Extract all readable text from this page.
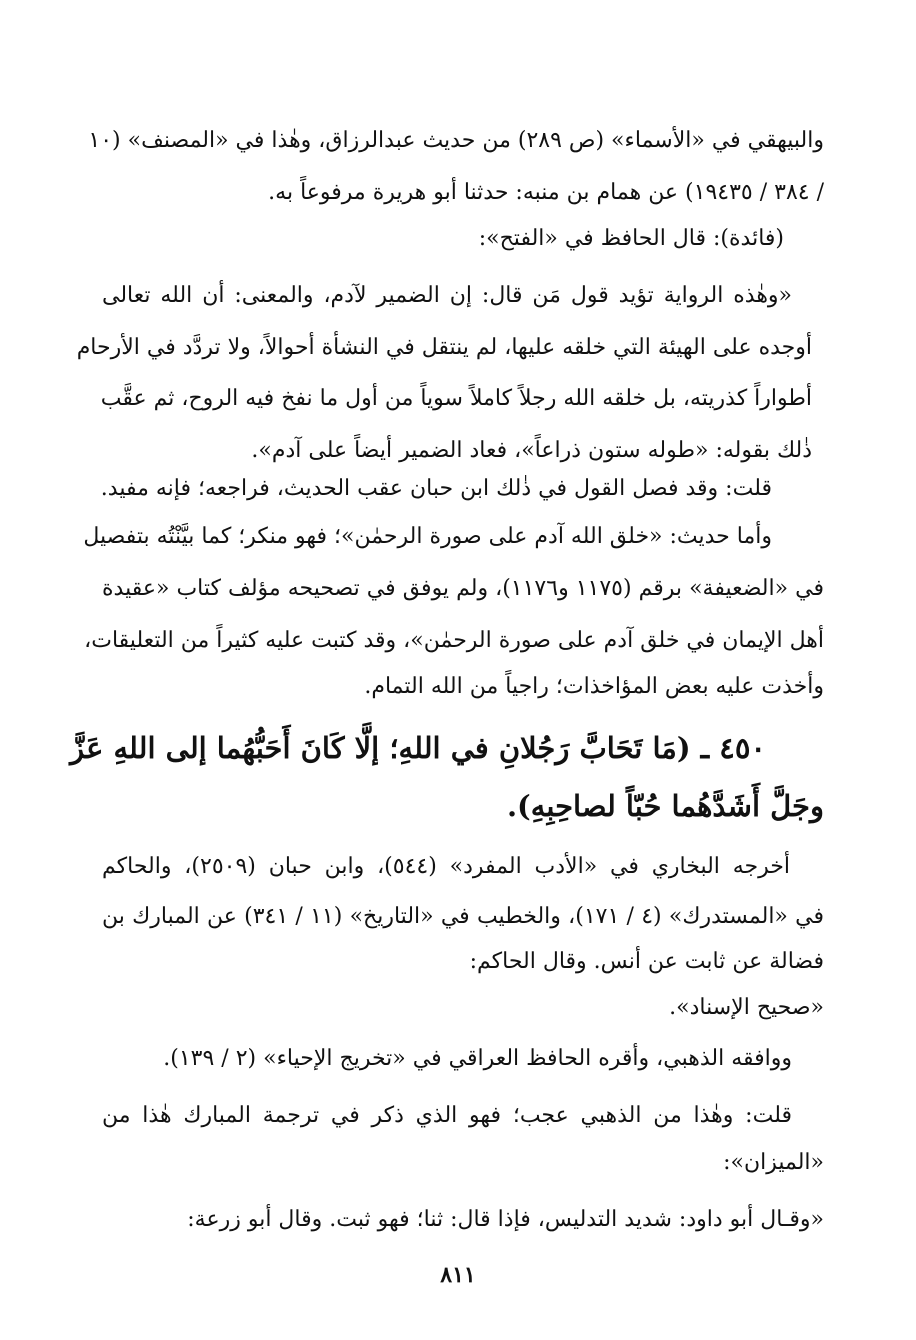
والبيهقي في «الأسماء» (ص ٢٨٩) من حديث عبدالرزاق، وهٰذا في «المصنف» (١٠
/ ٣٨٤ / ١٩٤٣٥) عن همام بن منبه: حدثنا أبو هريرة مرفوعاً به.
(فائدة): قال الحافظ في «الفتح»:
«وهٰذه الرواية تؤيد قول مَن قال: إن الضمير لآدم، والمعنى: أن الله تعالى
أوجده على الهيئة التي خلقه عليها، لم ينتقل في النشأة أحوالاً، ولا تردَّد في الأرحام
أطواراً كذريته، بل خلقه الله رجلاً كاملاً سوياً من أول ما نفخ فيه الروح، ثم عقَّب
ذٰلك بقوله: «طوله ستون ذراعاً»، فعاد الضمير أيضاً على آدم».
قلت: وقد فصل القول في ذٰلك ابن حبان عقب الحديث، فراجعه؛ فإنه مفيد.
وأما حديث: «خلق الله آدم على صورة الرحمٰن»؛ فهو منكر؛ كما بيَّنْتُه بتفصيل
في «الضعيفة» برقم (١١٧٥ و١١٧٦)، ولم يوفق في تصحيحه مؤلف كتاب «عقيدة
أهل الإيمان في خلق آدم على صورة الرحمٰن»، وقد كتبت عليه كثيراً من التعليقات،
وأخذت عليه بعض المؤاخذات؛ راجياً من الله التمام.
٤٥٠ ـ (مَا تَحَابَّ رَجُلانِ في اللهِ؛ إلَّا كَانَ أَحَبُّهُما إلى اللهِ عَزَّ
وجَلَّ أَشَدَّهُما حُبّاً لصاحِبِهِ).
أخرجه البخاري في «الأدب المفرد» (٥٤٤)، وابن حبان (٢٥٠٩)، والحاكم
في «المستدرك» (٤ / ١٧١)، والخطيب في «التاريخ» (١١ / ٣٤١) عن المبارك بن
فضالة عن ثابت عن أنس. وقال الحاكم:
«صحيح الإسناد».
ووافقه الذهبي، وأقره الحافظ العراقي في «تخريج الإحياء» (٢ / ١٣٩).
قلت: وهٰذا من الذهبي عجب؛ فهو الذي ذكر في ترجمة المبارك هٰذا من
«الميزان»:
«وقـال أبو داود: شديد التدليس، فإذا قال: ثنا؛ فهو ثبت. وقال أبو زرعة:
٨١١
